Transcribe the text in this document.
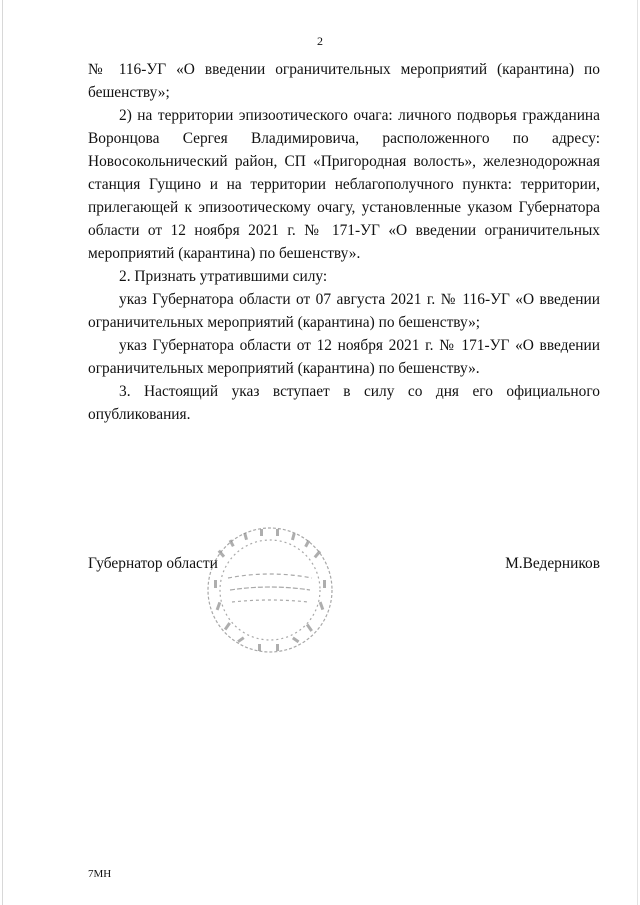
2

№ 116-УГ «О введении ограничительных мероприятий (карантина) по бешенству»;

2) на территории эпизоотического очага: личного подворья гражданина Воронцова Сергея Владимировича, расположенного по адресу: Новосокольнический район, СП «Пригородная волость», железнодорожная станция Гущино и на территории неблагополучного пункта: территории, прилегающей к эпизоотическому очагу, установленные указом Губернатора области от 12 ноября 2021 г. № 171-УГ «О введении ограничительных мероприятий (карантина) по бешенству».

2. Признать утратившими силу:

указ Губернатора области от 07 августа 2021 г. № 116-УГ «О введении ограничительных мероприятий (карантина) по бешенству»;

указ Губернатора области от 12 ноября 2021 г. № 171-УГ «О введении ограничительных мероприятий (карантина) по бешенству».

3. Настоящий указ вступает в силу со дня его официального опубликования.

Губернатор области	М.Ведерников
7МН
